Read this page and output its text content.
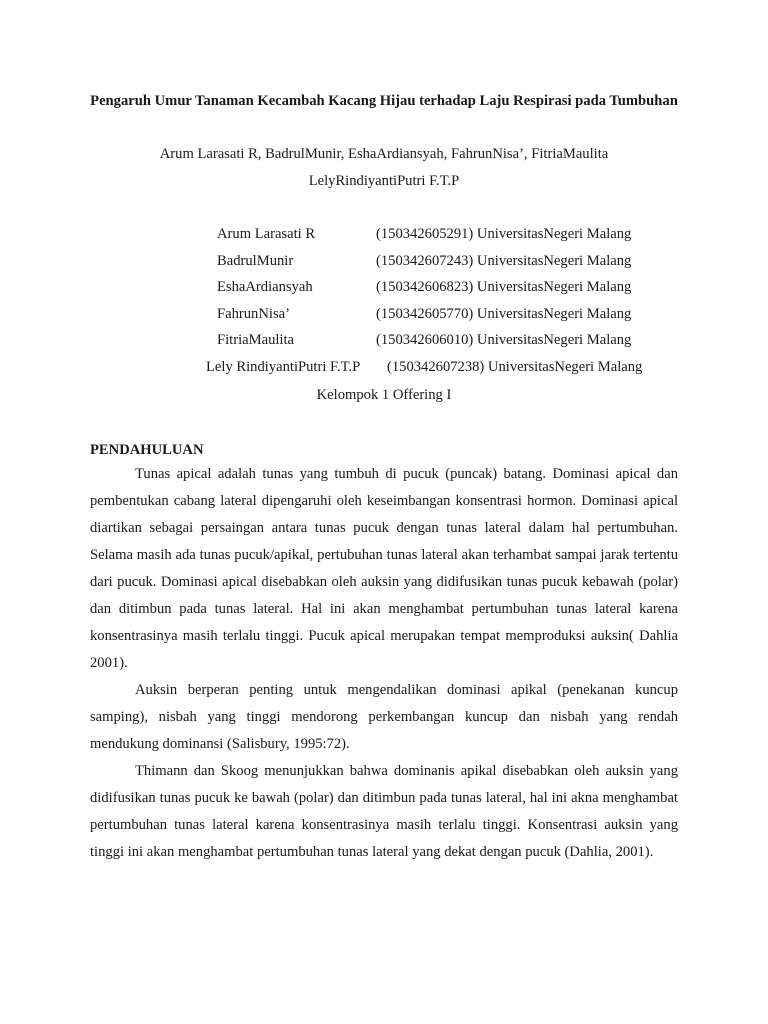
Pengaruh Umur Tanaman Kecambah Kacang Hijau terhadap Laju Respirasi pada Tumbuhan
Arum Larasati R, BadrulMunir, EshaArdiansyah, FahrunNisa’, FitriaMaulita
LelyRindiyantiPutri F.T.P
Arum Larasati R	(150342605291) UniversitasNegeri Malang
BadrulMunir	(150342607243) UniversitasNegeri Malang
EshaArdiansyah	(150342606823) UniversitasNegeri Malang
FahrunNisa’	(150342605770) UniversitasNegeri Malang
FitriaMaulita	(150342606010) UniversitasNegeri Malang
Lely RindiyantiPutri F.T.P (150342607238) UniversitasNegeri Malang
Kelompok 1 Offering I
PENDAHULUAN

Tunas apical adalah tunas yang tumbuh di pucuk (puncak) batang. Dominasi apical dan pembentukan cabang lateral dipengaruhi oleh keseimbangan konsentrasi hormon. Dominasi apical diartikan sebagai persaingan antara tunas pucuk dengan tunas lateral dalam hal pertumbuhan. Selama masih ada tunas pucuk/apikal, pertubuhan tunas lateral akan terhambat sampai jarak tertentu dari pucuk. Dominasi apical disebabkan oleh auksin yang didifusikan tunas pucuk kebawah (polar) dan ditimbun pada tunas lateral. Hal ini akan menghambat pertumbuhan tunas lateral karena konsentrasinya masih terlalu tinggi. Pucuk apical merupakan tempat memproduksi auksin( Dahlia 2001).

Auksin berperan penting untuk mengendalikan dominasi apikal (penekanan kuncup samping), nisbah yang tinggi mendorong perkembangan kuncup dan nisbah yang rendah mendukung dominansi (Salisbury, 1995:72).

Thimann dan Skoog menunjukkan bahwa dominanis apikal disebabkan oleh auksin yang didifusikan tunas pucuk ke bawah (polar) dan ditimbun pada tunas lateral, hal ini akna menghambat pertumbuhan tunas lateral karena konsentrasinya masih terlalu tinggi. Konsentrasi auksin yang tinggi ini akan menghambat pertumbuhan tunas lateral yang dekat dengan pucuk (Dahlia, 2001).
